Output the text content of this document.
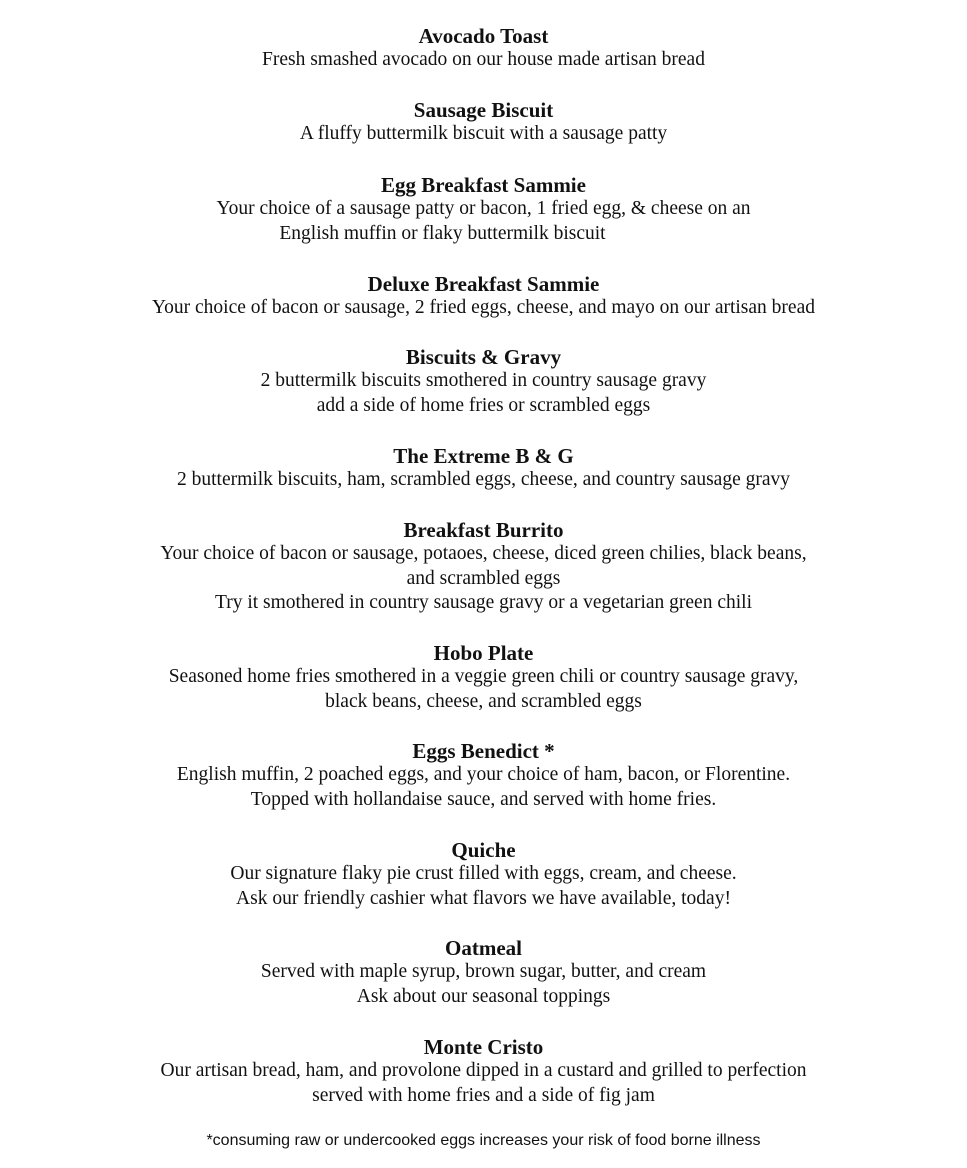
Avocado Toast
Fresh smashed avocado on our house made artisan bread
Sausage Biscuit
A fluffy buttermilk biscuit with a sausage patty
Egg Breakfast Sammie
Your choice of a sausage patty or bacon, 1 fried egg, & cheese on an
English muffin or flaky buttermilk biscuit
Deluxe Breakfast Sammie
Your choice of bacon or sausage, 2 fried eggs, cheese, and mayo on our artisan bread
Biscuits & Gravy
2 buttermilk biscuits smothered in country sausage gravy
add a side of home fries or scrambled eggs
The Extreme B & G
2 buttermilk biscuits, ham, scrambled eggs, cheese, and country sausage gravy
Breakfast Burrito
Your choice of bacon or sausage, potaoes, cheese, diced green chilies, black beans,
and scrambled eggs
Try it smothered in country sausage gravy or a vegetarian green chili
Hobo Plate
Seasoned home fries smothered in a veggie green chili or country sausage gravy,
black beans, cheese, and scrambled eggs
Eggs Benedict *
English muffin, 2 poached eggs, and your choice of ham, bacon, or Florentine.
Topped with hollandaise sauce, and served with home fries.
Quiche
Our signature flaky pie crust filled with eggs, cream, and cheese.
Ask our friendly cashier what flavors we have available, today!
Oatmeal
Served with maple syrup, brown sugar, butter, and cream
Ask about our seasonal toppings
Monte Cristo
Our artisan bread, ham, and provolone dipped in a custard and grilled to perfection
served with home fries and a side of fig jam
*consuming raw or undercooked eggs increases your risk of food borne illness
